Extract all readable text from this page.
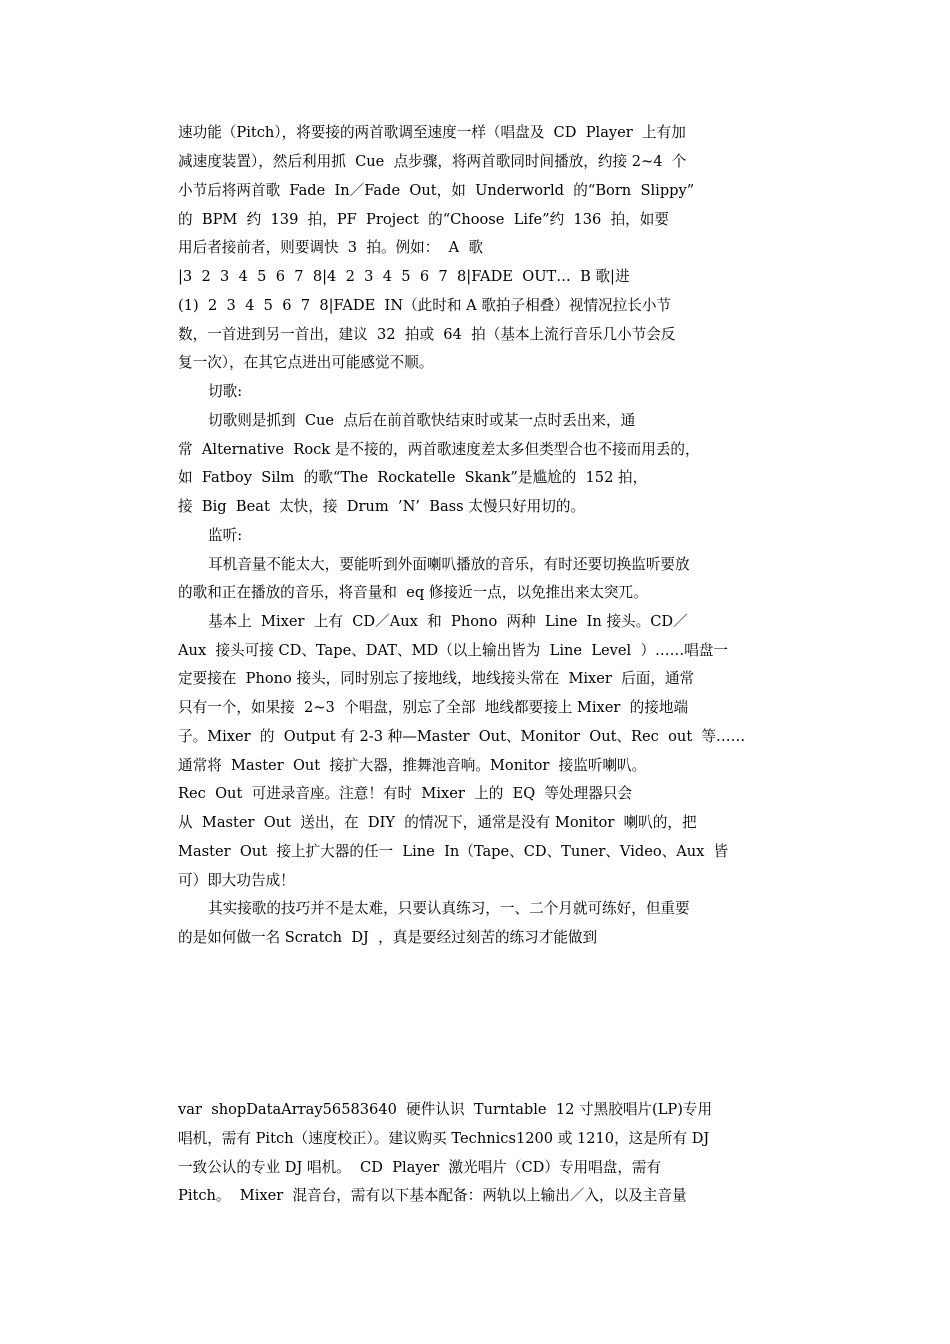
速功能（Pitch），将要接的两首歌调至速度一样（唱盘及  CD  Player  上有加
减速度装置），然后利用抓  Cue  点步骤，将两首歌同时间播放，约接 2~4  个
小节后将两首歌  Fade  In／Fade  Out，如  Underworld  的“Born  Slippy”
的  BPM  约  139  拍，PF  Project  的“Choose  Life”约  136  拍，如要
用后者接前者，则要调快  3  拍。例如：  A  歌
|3  2  3  4  5  6  7  8|4  2  3  4  5  6  7  8|FADE  OUT…  B 歌|进
(1)  2  3  4  5  6  7  8|FADE  IN（此时和 A 歌拍子相叠）视情况拉长小节
数，一首进到另一首出，建议  32  拍或  64  拍（基本上流行音乐几小节会反
复一次），在其它点进出可能感觉不顺。
切歌:
切歌则是抓到  Cue  点后在前首歌快结束时或某一点时丢出来，通
常  Alternative  Rock 是不接的，两首歌速度差太多但类型合也不接而用丢的，
如  Fatboy  Silm  的歌“The  Rockatelle  Skank”是尴尬的  152 拍，
接  Big  Beat  太快，接  Drum  ’N’  Bass 太慢只好用切的。
监听:
耳机音量不能太大，要能听到外面喇叭播放的音乐，有时还要切换监听要放
的歌和正在播放的音乐，将音量和  eq 修接近一点，以免推出来太突兀。
基本上  Mixer  上有  CD／Aux  和  Phono  两种  Line  In 接头。CD／
Aux  接头可接 CD、Tape、DAT、MD（以上输出皆为  Line  Level  ）……唱盘一
定要接在  Phono 接头，同时别忘了接地线，地线接头常在  Mixer  后面，通常
只有一个，如果接  2~3  个唱盘，别忘了全部  地线都要接上 Mixer  的接地端
子。Mixer  的  Output 有 2-3 种—Master  Out、Monitor  Out、Rec  out  等……
通常将  Master  Out  接扩大器，推舞池音响。Monitor  接监听喇叭。
Rec  Out  可进录音座。注意！有时  Mixer  上的  EQ  等处理器只会
从  Master  Out  送出，在  DIY  的情况下，通常是没有 Monitor  喇叭的，把
Master  Out  接上扩大器的任一  Line  In（Tape、CD、Tuner、Video、Aux  皆
可）即大功告成！
其实接歌的技巧并不是太难，只要认真练习，一、二个月就可练好，但重要
的是如何做一名 Scratch  DJ  ，真是要经过刻苦的练习才能做到
var  shopDataArray56583640  硬件认识  Turntable  12 寸黑胶唱片(LP)专用
唱机，需有 Pitch（速度校正）。建议购买 Technics1200 或 1210，这是所有 DJ
一致公认的专业 DJ 唱机。  CD  Player  激光唱片（CD）专用唱盘，需有
Pitch。  Mixer  混音台，需有以下基本配备：两轨以上输出／入，以及主音量
